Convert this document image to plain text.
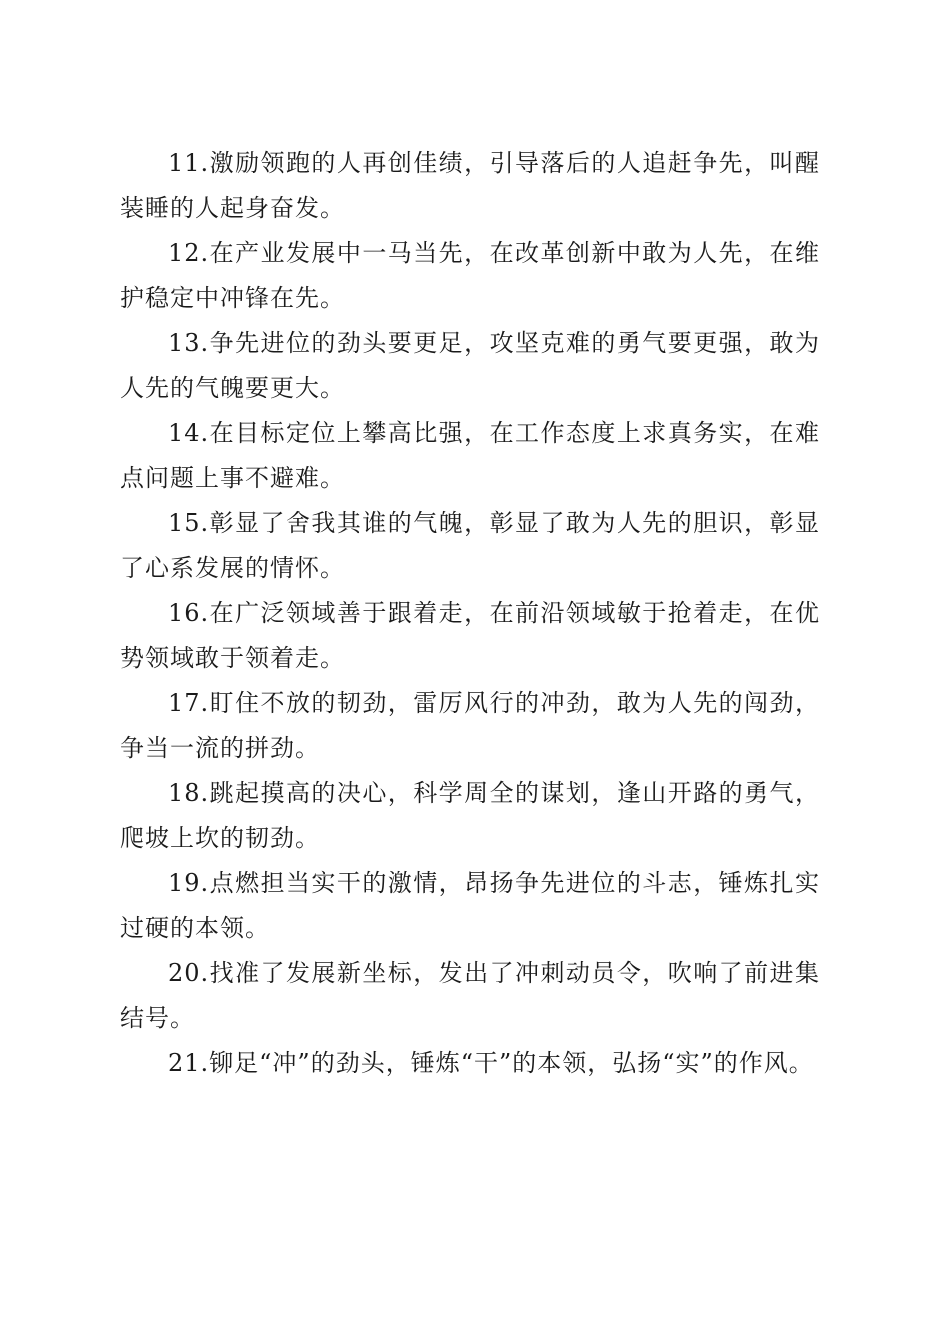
11.激励领跑的人再创佳绩，引导落后的人追赶争先，叫醒装睡的人起身奋发。

12.在产业发展中一马当先，在改革创新中敢为人先，在维护稳定中冲锋在先。

13.争先进位的劲头要更足，攻坚克难的勇气要更强，敢为人先的气魄要更大。

14.在目标定位上攀高比强，在工作态度上求真务实，在难点问题上事不避难。

15.彰显了舍我其谁的气魄，彰显了敢为人先的胆识，彰显了心系发展的情怀。

16.在广泛领域善于跟着走，在前沿领域敏于抢着走，在优势领域敢于领着走。

17.盯住不放的韧劲，雷厉风行的冲劲，敢为人先的闯劲，争当一流的拼劲。

18.跳起摸高的决心，科学周全的谋划，逢山开路的勇气，爬坡上坎的韧劲。

19.点燃担当实干的激情，昂扬争先进位的斗志，锤炼扎实过硬的本领。

20.找准了发展新坐标，发出了冲刺动员令，吹响了前进集结号。

21.铆足“冲”的劲头，锤炼“干”的本领，弘扬“实”的作风。
